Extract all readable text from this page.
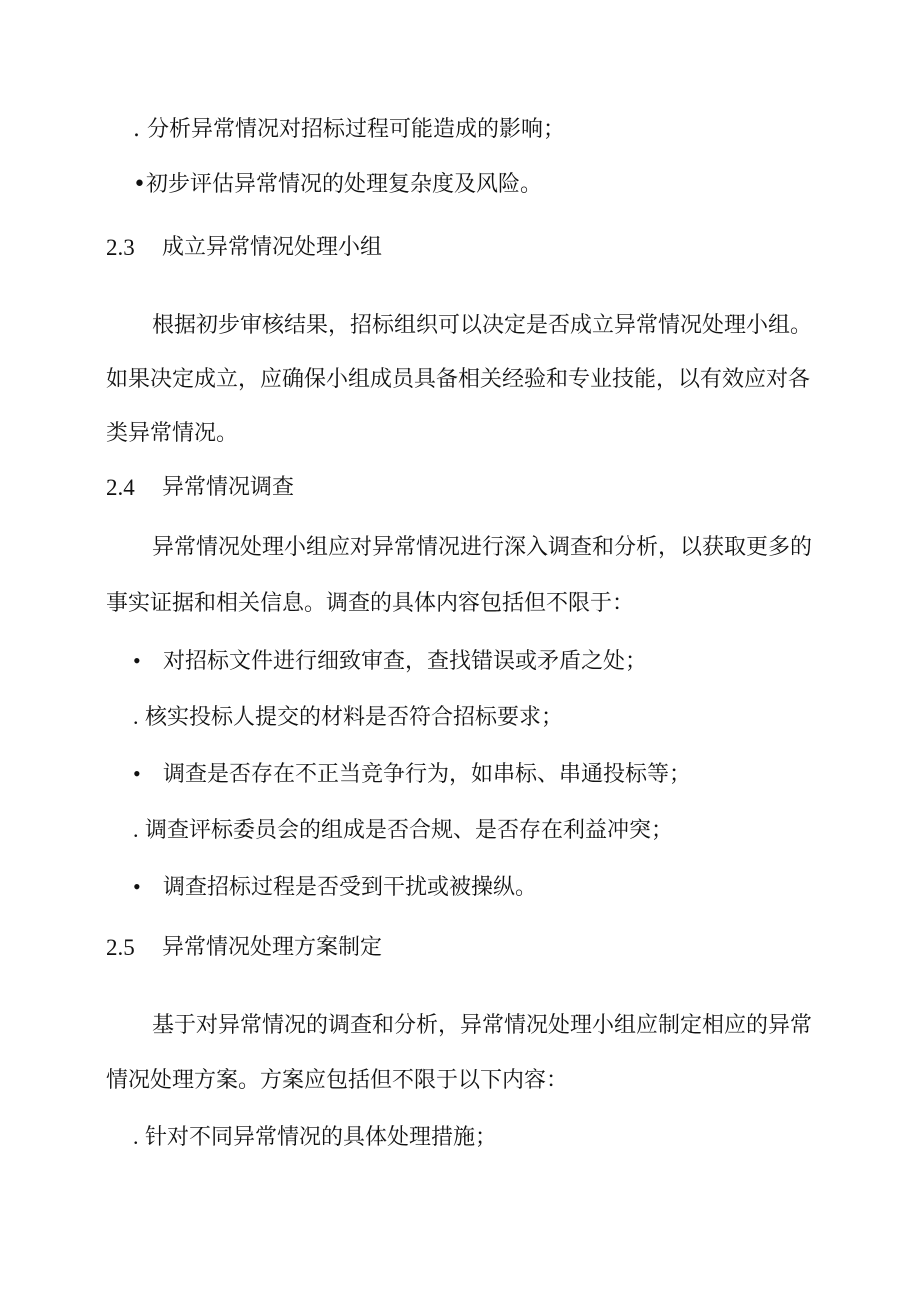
. 分析异常情况对招标过程可能造成的影响；
•初步评估异常情况的处理复杂度及风险。
2.3 成立异常情况处理小组
根据初步审核结果，招标组织可以决定是否成立异常情况处理小组。
如果决定成立，应确保小组成员具备相关经验和专业技能，以有效应对各
类异常情况。
2.4 异常情况调查
异常情况处理小组应对异常情况进行深入调查和分析，以获取更多的
事实证据和相关信息。调查的具体内容包括但不限于：
• 对招标文件进行细致审查，查找错误或矛盾之处；
. 核实投标人提交的材料是否符合招标要求；
• 调查是否存在不正当竞争行为，如串标、串通投标等；
. 调查评标委员会的组成是否合规、是否存在利益冲突；
• 调查招标过程是否受到干扰或被操纵。
2.5 异常情况处理方案制定
基于对异常情况的调查和分析，异常情况处理小组应制定相应的异常
情况处理方案。方案应包括但不限于以下内容：
. 针对不同异常情况的具体处理措施；
